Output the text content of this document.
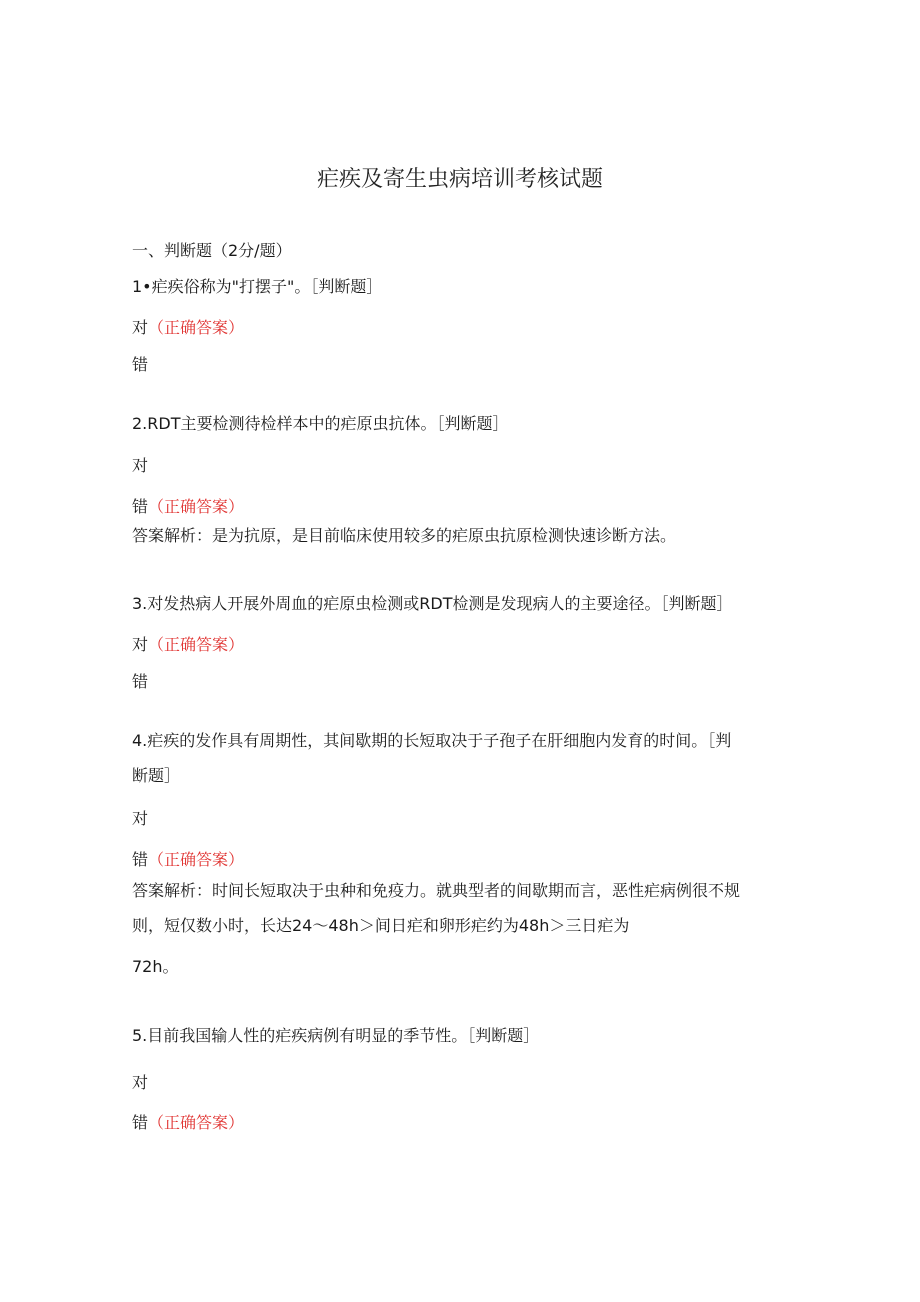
疟疾及寄生虫病培训考核试题
一、判断题（2分/题）
1•疟疾俗称为"打摆子"。［判断题］
对（正确答案）
错
2.RDT主要检测待检样本中的疟原虫抗体。［判断题］
对
错（正确答案）
答案解析：是为抗原，是目前临床使用较多的疟原虫抗原检测快速诊断方法。
3.对发热病人开展外周血的疟原虫检测或RDT检测是发现病人的主要途径。［判断题］
对（正确答案）
错
4.疟疾的发作具有周期性，其间歇期的长短取决于子孢子在肝细胞内发育的时间。［判
断题］
对
错（正确答案）
答案解析：时间长短取决于虫种和免疫力。就典型者的间歇期而言，恶性疟病例很不规
则，短仅数小时，长达24～48h＞间日疟和卵形疟约为48h＞三日疟为
72h。
5.目前我国输人性的疟疾病例有明显的季节性。［判断题］
对
错（正确答案）
